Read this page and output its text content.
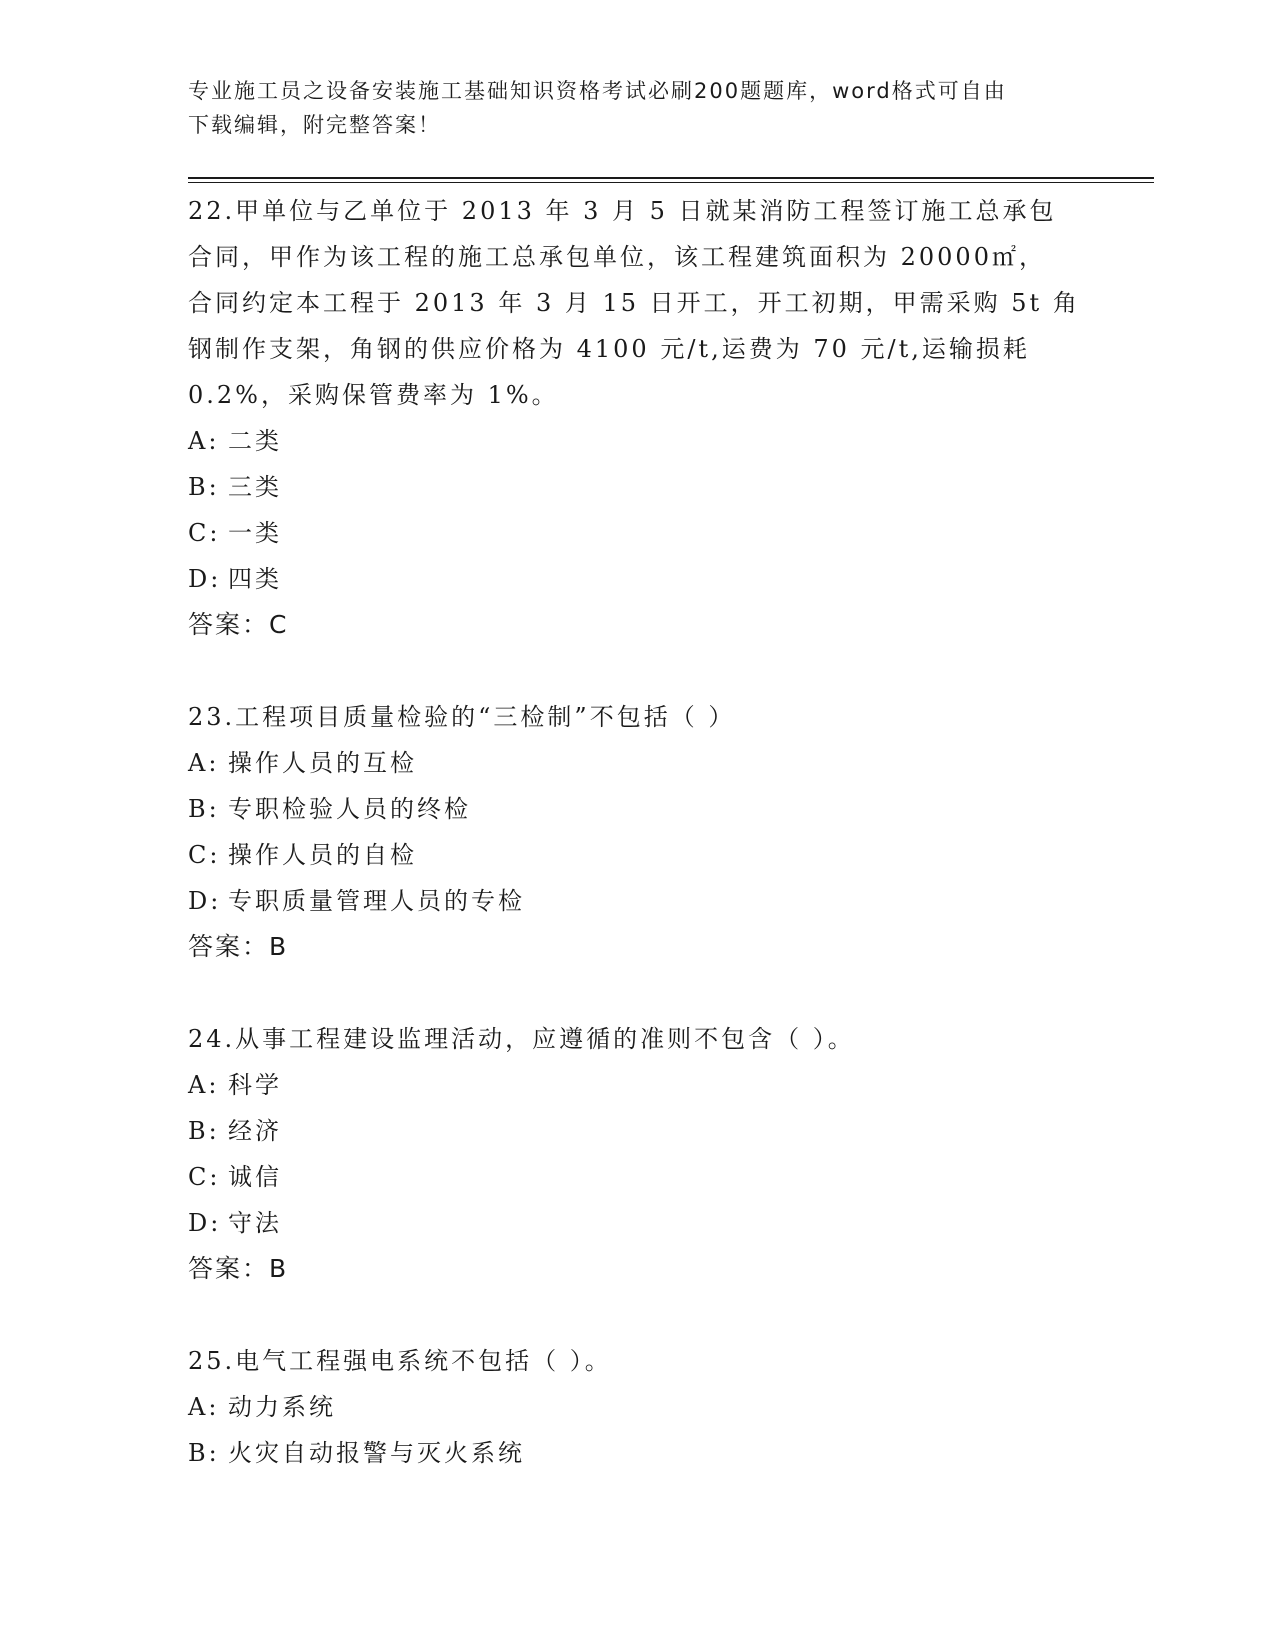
专业施工员之设备安装施工基础知识资格考试必刷200题题库，word格式可自由
下载编辑，附完整答案！
22.甲单位与乙单位于 2013 年 3 月 5 日就某消防工程签订施工总承包
合同，甲作为该工程的施工总承包单位，该工程建筑面积为 20000㎡，
合同约定本工程于 2013 年 3 月 15 日开工，开工初期，甲需采购 5t 角
钢制作支架，角钢的供应价格为 4100 元/t,运费为 70 元/t,运输损耗
0.2%，采购保管费率为 1%。
A: 二类
B: 三类
C: 一类
D: 四类
答案：C
23.工程项目质量检验的“三检制”不包括（ ）
A: 操作人员的互检
B: 专职检验人员的终检
C: 操作人员的自检
D: 专职质量管理人员的专检
答案：B
24.从事工程建设监理活动，应遵循的准则不包含（ ）。
A: 科学
B: 经济
C: 诚信
D: 守法
答案：B
25.电气工程强电系统不包括（ ）。
A: 动力系统
B: 火灾自动报警与灭火系统
